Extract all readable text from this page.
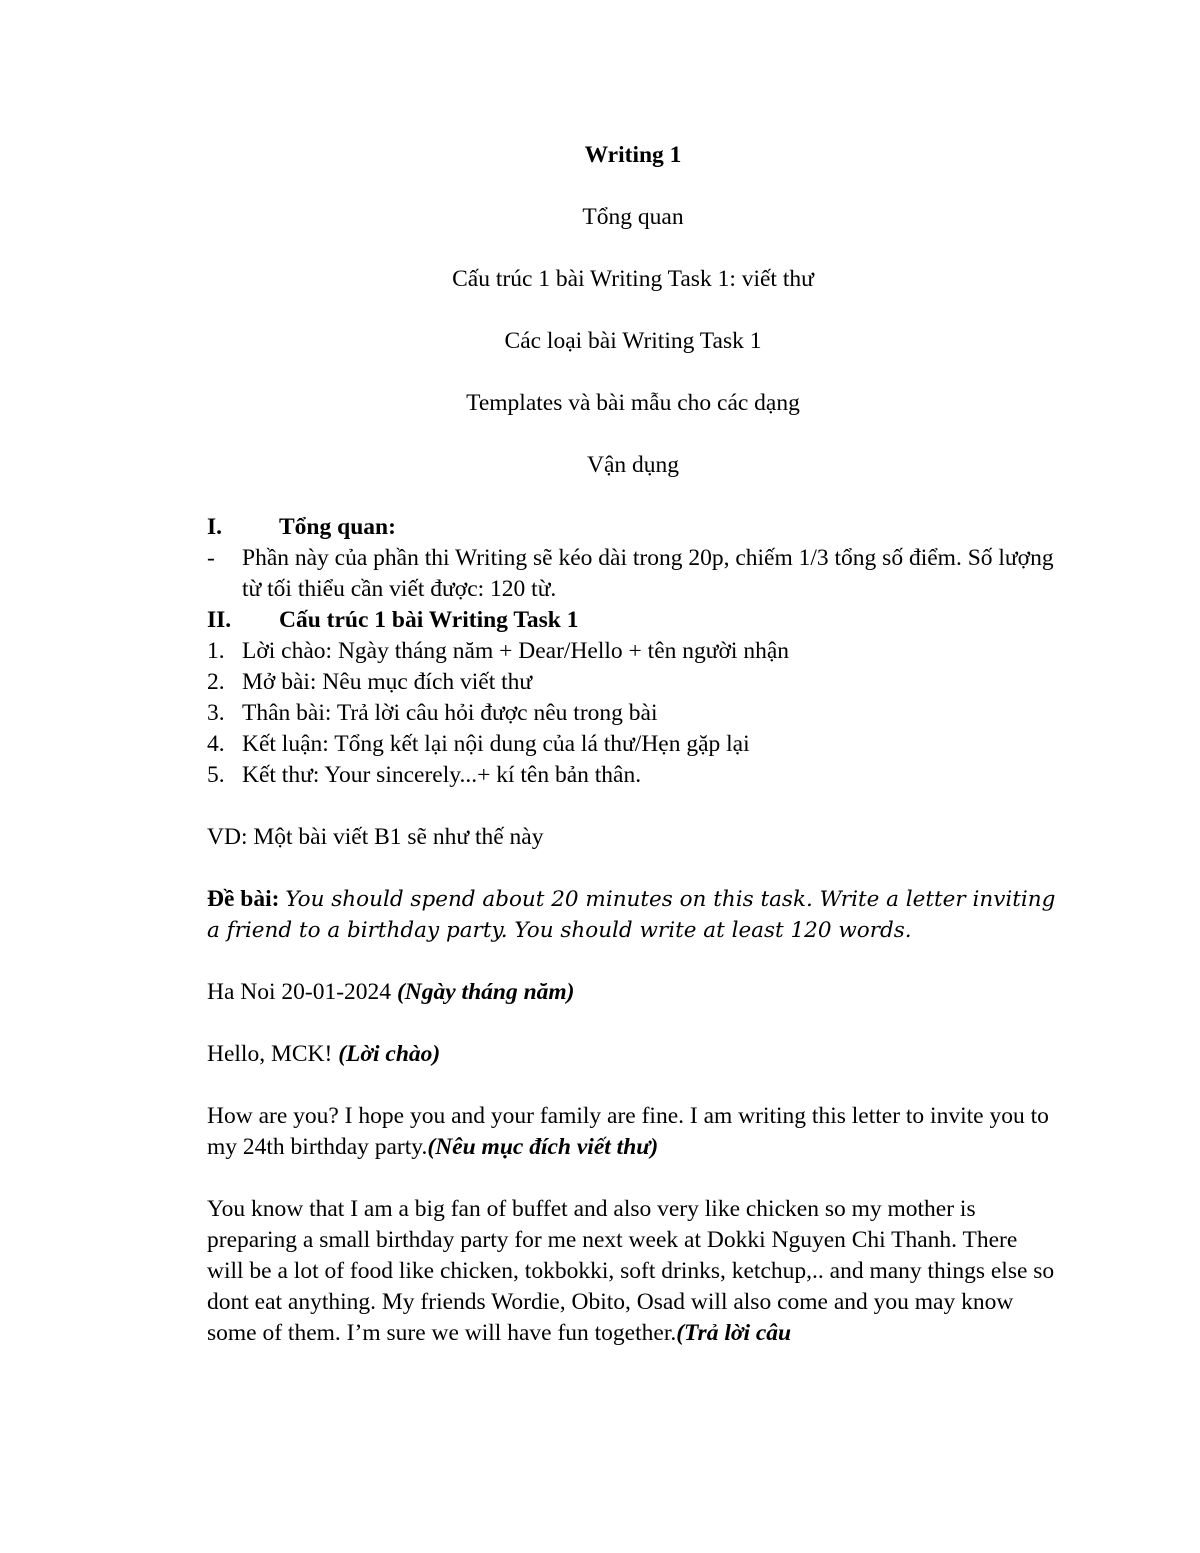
Writing 1
Tổng quan
Cấu trúc 1 bài Writing Task 1: viết thư
Các loại bài Writing Task 1
Templates và bài mẫu cho các dạng
Vận dụng
I.	Tổng quan:
-	Phần này của phần thi Writing sẽ kéo dài trong 20p, chiếm 1/3 tổng số điểm. Số lượng từ tối thiểu cần viết được: 120 từ.
II.	Cấu trúc 1 bài Writing Task 1
1. Lời chào: Ngày tháng năm + Dear/Hello + tên người nhận
2. Mở bài: Nêu mục đích viết thư
3. Thân bài: Trả lời câu hỏi được nêu trong bài
4. Kết luận: Tổng kết lại nội dung của lá thư/Hẹn gặp lại
5. Kết thư: Your sincerely...+ kí tên bản thân.

VD: Một bài viết B1 sẽ như thế này

Đề bài: You should spend about 20 minutes on this task. Write a letter inviting a friend to a birthday party. You should write at least 120 words.

Ha Noi 20-01-2024 (Ngày tháng năm)

Hello, MCK! (Lời chào)

How are you? I hope you and your family are fine. I am writing this letter to invite you to my 24th birthday party.(Nêu mục đích viết thư)

You know that I am a big fan of buffet and also very like chicken so my mother is preparing a small birthday party for me next week at Dokki Nguyen Chi Thanh. There will be a lot of food like chicken, tokbokki, soft drinks, ketchup,.. and many things else so dont eat anything. My friends Wordie, Obito, Osad will also come and you may know some of them. I’m sure we will have fun together.(Trả lời câu
